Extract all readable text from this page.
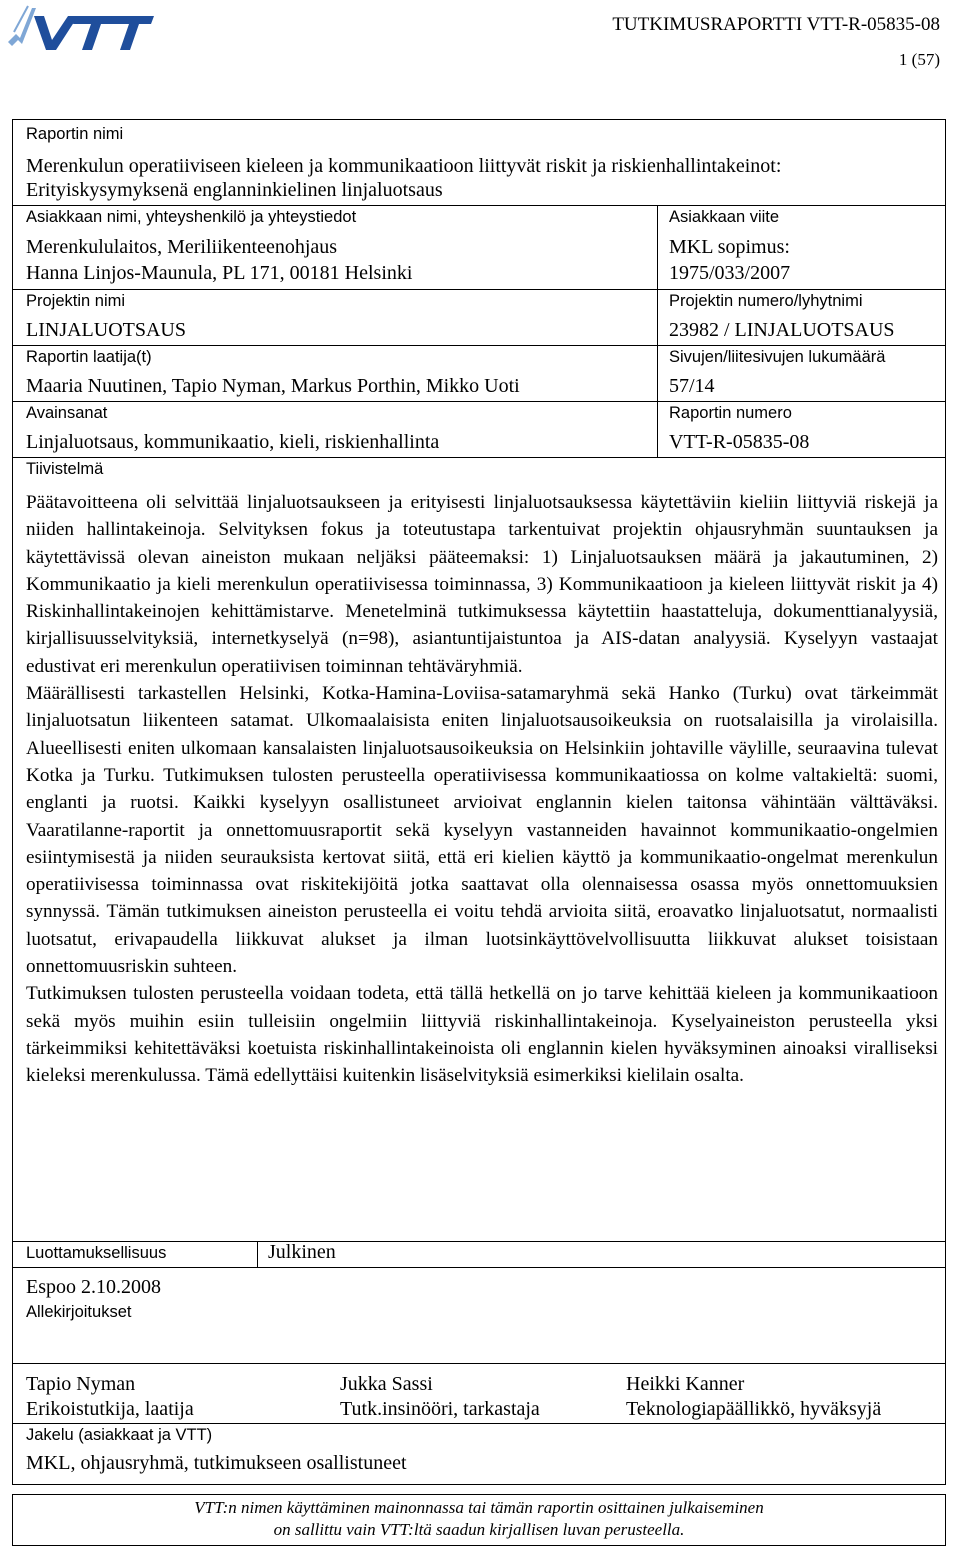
TUTKIMUSRAPORTTI VTT-R-05835-08
1 (57)
Raportin nimi
Merenkulun operatiiviseen kieleen ja kommunikaatioon liittyvät riskit ja riskienhallintakeinot:
Erityiskysymyksenä englanninkielinen linjaluotsaus
Asiakkaan nimi, yhteyshenkilö ja yhteystiedot
Merenkululaitos, Meriliikenteenohjaus
Hanna Linjos-Maunula, PL 171, 00181 Helsinki
Asiakkaan viite
MKL sopimus:
1975/033/2007
Projektin nimi
LINJALUOTSAUS
Projektin numero/lyhytnimi
23982 / LINJALUOTSAUS
Raportin laatija(t)
Maaria Nuutinen, Tapio Nyman, Markus Porthin, Mikko Uoti
Sivujen/liitesivujen lukumäärä
57/14
Avainsanat
Linjaluotsaus, kommunikaatio, kieli, riskienhallinta
Raportin numero
VTT-R-05835-08
Tiivistelmä

Päätavoitteena oli selvittää linjaluotsaukseen ja erityisesti linjaluotsauksessa käytettäviin kieliin liittyviä riskejä ja niiden hallintakeinoja. Selvityksen fokus ja toteutustapa tarkentuivat projektin ohjausryhmän suuntauksen ja käytettävissä olevan aineiston mukaan neljäksi pääteemaksi: 1) Linjaluotsauksen määrä ja jakautuminen, 2) Kommunikaatio ja kieli merenkulun operatiivisessa toiminnassa, 3) Kommunikaatioon ja kieleen liittyvät riskit ja 4) Riskinhallintakeinojen kehittämistarve. Menetelminä tutkimuksessa käytettiin haastatteluja, dokumenttianalyysiä, kirjallisuusselvityksiä, internetkyselyä (n=98), asiantuntijaistuntoa ja AIS-datan analyysiä. Kyselyyn vastaajat edustivat eri merenkulun operatiivisen toiminnan tehtäväryhmiä.

Määrällisesti tarkastellen Helsinki, Kotka-Hamina-Loviisa-satamaryhmä sekä Hanko (Turku) ovat tärkeimmät linjaluotsatun liikenteen satamat. Ulkomaalaisista eniten linjaluotsausoikeuksia on ruotsalaisilla ja virolaisilla. Alueellisesti eniten ulkomaan kansalaisten linjaluotsausoikeuksia on Helsinkiin johtaville väylille, seuraavina tulevat Kotka ja Turku. Tutkimuksen tulosten perusteella operatiivisessa kommunikaatiossa on kolme valtakieltä: suomi, englanti ja ruotsi. Kaikki kyselyyn osallistuneet arvioivat englannin kielen taitonsa vähintään välttäväksi. Vaaratilanne-raportit ja onnettomuusraportit sekä kyselyyn vastanneiden havainnot kommunikaatio-ongelmien esiintymisestä ja niiden seurauksista kertovat siitä, että eri kielien käyttö ja kommunikaatio-ongelmat merenkulun operatiivisessa toiminnassa ovat riskitekijöitä jotka saattavat olla olennaisessa osassa myös onnettomuuksien synnyssä. Tämän tutkimuksen aineiston perusteella ei voitu tehdä arvioita siitä, eroavatko linjaluotsatut, normaalisti luotsatut, erivapaudella liikkuvat alukset ja ilman luotsinkäyttövelvollisuutta liikkuvat alukset toisistaan onnettomuusriskin suhteen.

Tutkimuksen tulosten perusteella voidaan todeta, että tällä hetkellä on jo tarve kehittää kieleen ja kommunikaatioon sekä myös muihin esiin tulleisiin ongelmiin liittyviä riskinhallintakeinoja. Kyselyaineiston perusteella yksi tärkeimmiksi kehitettäväksi koetuista riskinhallintakeinoista oli englannin kielen hyväksyminen ainoaksi viralliseksi kieleksi merenkulussa. Tämä edellyttäisi kuitenkin lisäselvityksiä esimerkiksi kielilain osalta.

Luottamuksellisuus	Julkinen
Espoo 2.10.2008
Allekirjoitukset
Tapio Nyman
Erikoistutkija, laatija
Jukka Sassi
Tutk.insinööri, tarkastaja
Heikki Kanner
Teknologiapäällikkö, hyväksyjä
Jakelu (asiakkaat ja VTT)
MKL, ohjausryhmä, tutkimukseen osallistuneet
VTT:n nimen käyttäminen mainonnassa tai tämän raportin osittainen julkaiseminen
on sallittu vain VTT:ltä saadun kirjallisen luvan perusteella.
